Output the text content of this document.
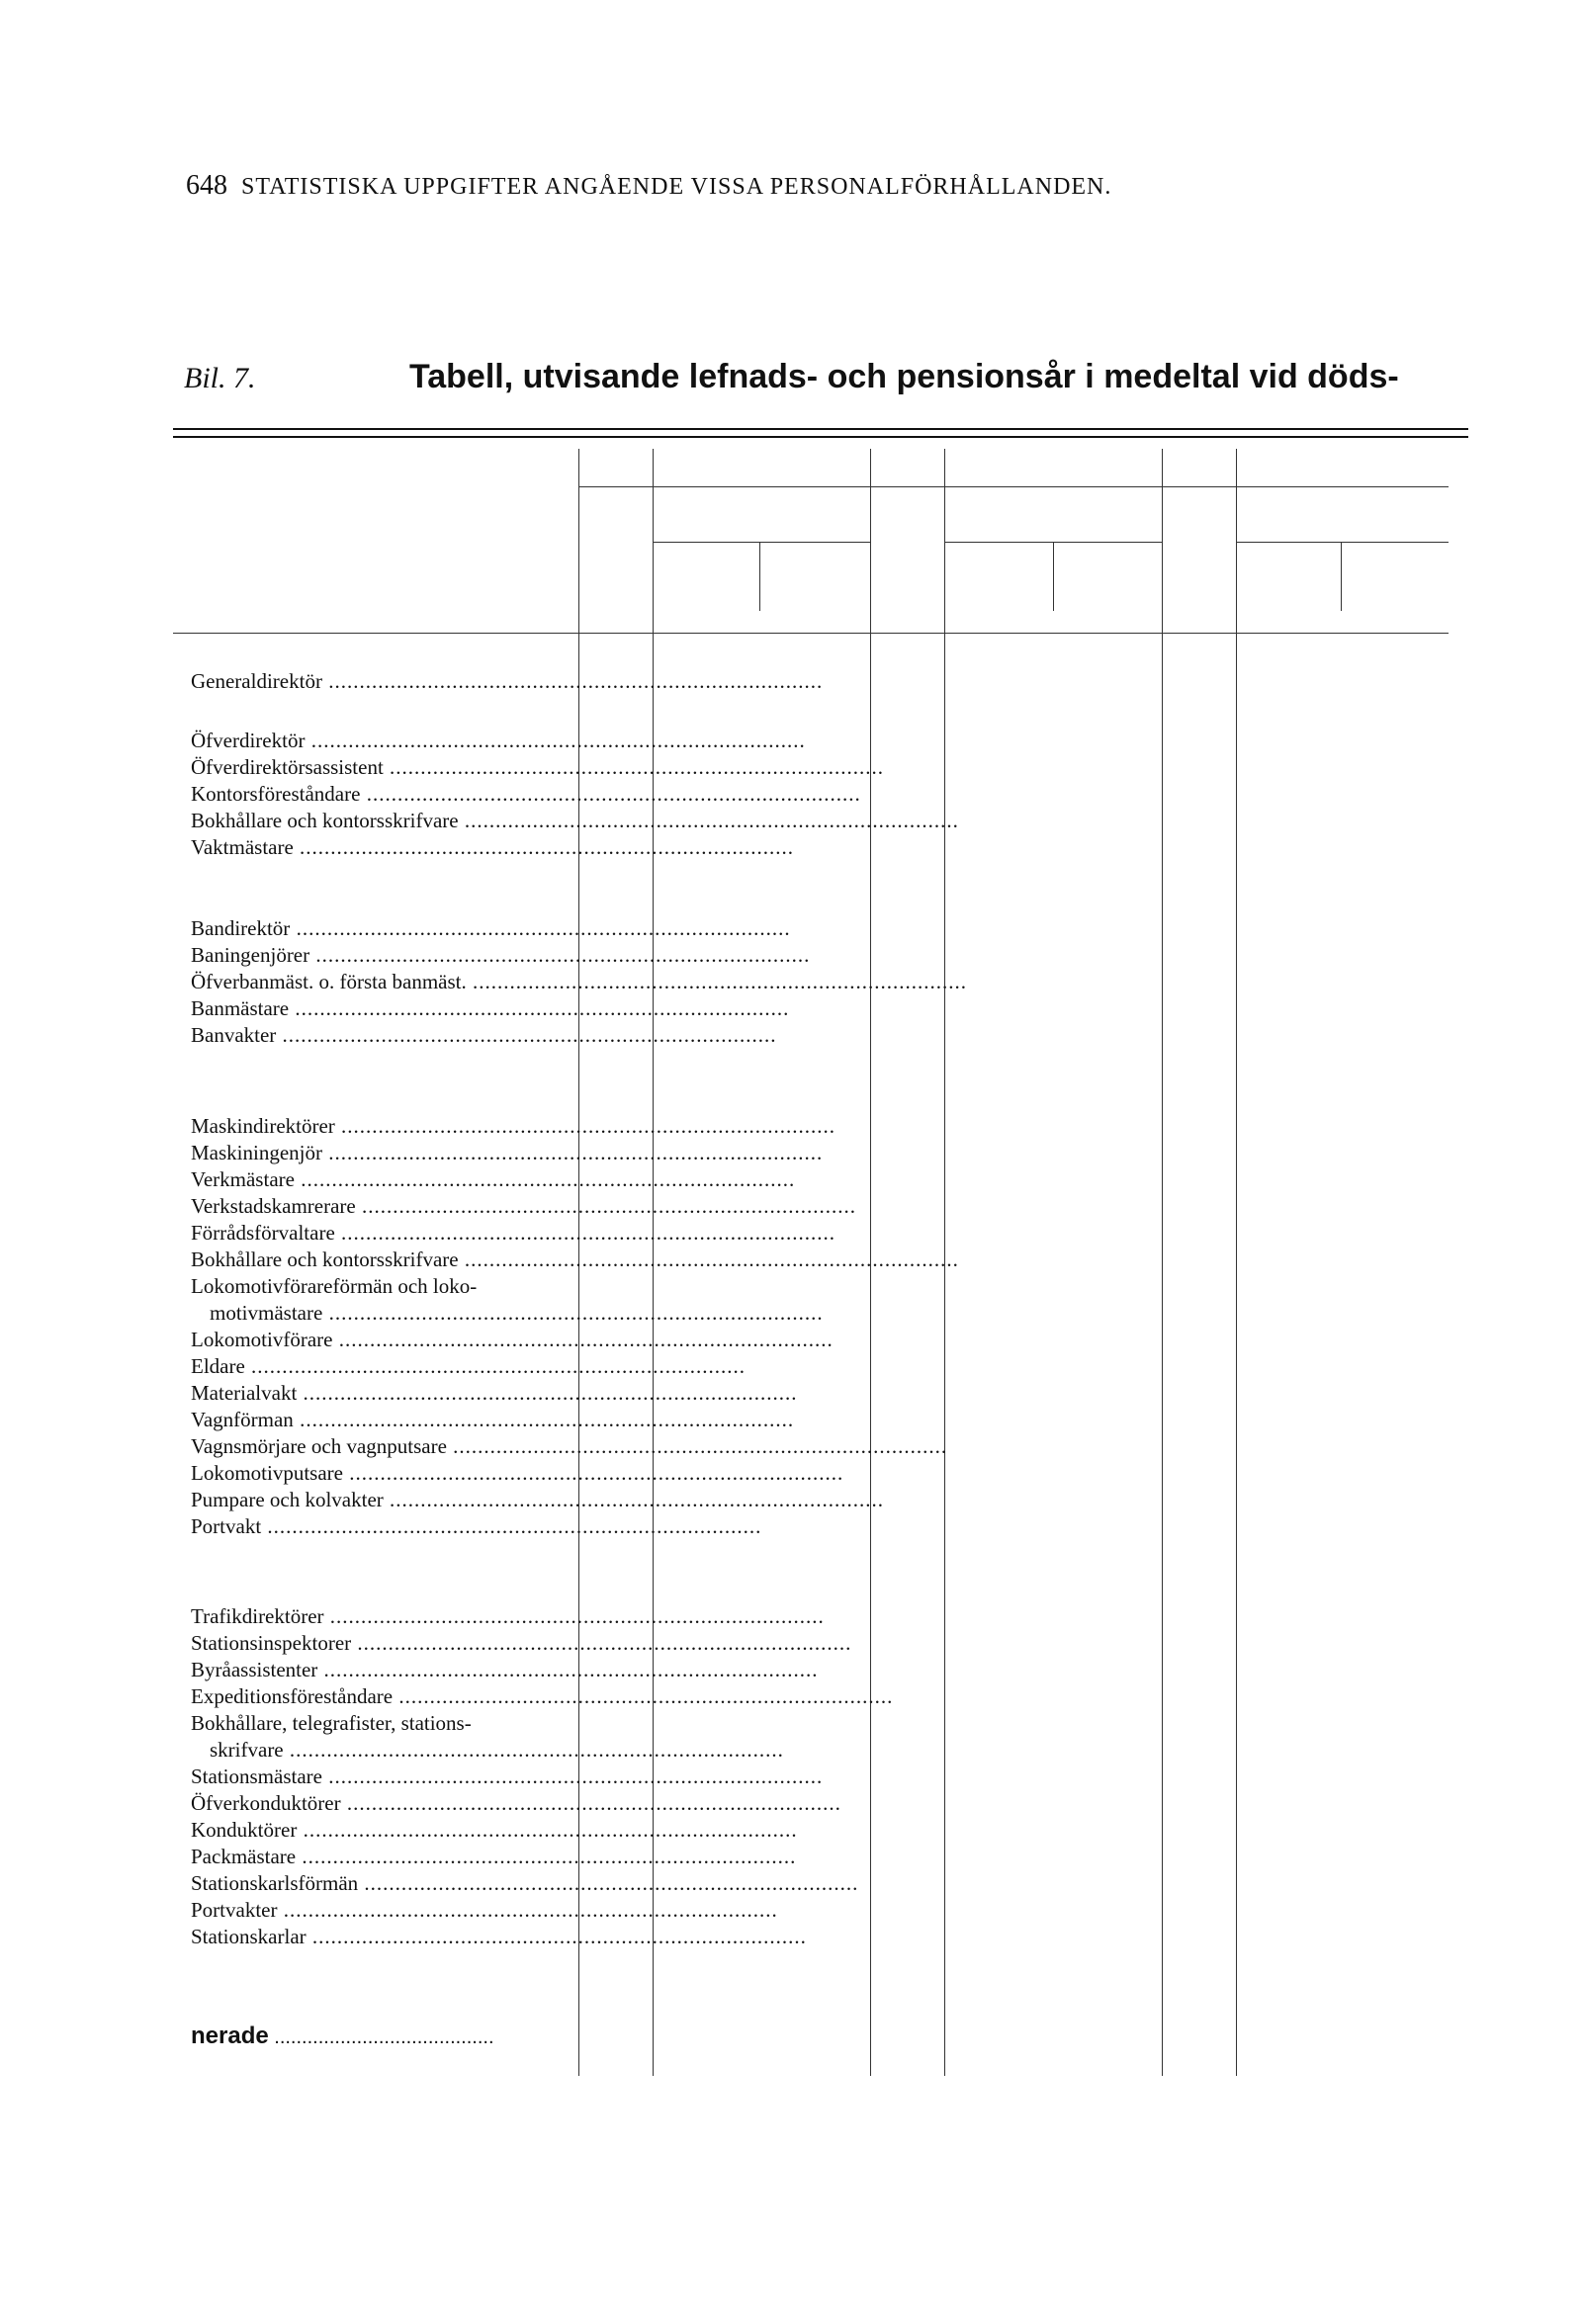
648 STATISTISKA UPPGIFTER ANGÅENDE VISSA PERSONALFÖRHÅLLANDEN.
Bil. 7.	Tabell, utvisande lefnads- och pensionsår i medeltal vid döds-
Generaldirektör ................................................................................
Öfverdirektör ................................................................................
Öfverdirektörsassistent ................................................................................
Kontorsföreståndare ................................................................................
Bokhållare och kontorsskrifvare ................................................................................
Vaktmästare ................................................................................
Bandirektör ................................................................................
Baningenjörer ................................................................................
Öfverbanmäst. o. första banmäst. ................................................................................
Banmästare ................................................................................
Banvakter ................................................................................
Maskindirektörer ................................................................................
Maskiningenjör ................................................................................
Verkmästare ................................................................................
Verkstadskamrerare ................................................................................
Förrådsförvaltare ................................................................................
Bokhållare och kontorsskrifvare ................................................................................
Lokomotivförareförmän och loko-
motivmästare ................................................................................
Lokomotivförare ................................................................................
Eldare ................................................................................
Materialvakt ................................................................................
Vagnförman ................................................................................
Vagnsmörjare och vagnputsare ................................................................................
Lokomotivputsare ................................................................................
Pumpare och kolvakter ................................................................................
Portvakt ................................................................................
Trafikdirektörer ................................................................................
Stationsinspektorer ................................................................................
Byråassistenter ................................................................................
Expeditionsföreståndare ................................................................................
Bokhållare, telegrafister, stations-
skrifvare ................................................................................
Stationsmästare ................................................................................
Öfverkonduktörer ................................................................................
Konduktörer ................................................................................
Packmästare ................................................................................
Stationskarlsförmän ................................................................................
Portvakter ................................................................................
Stationskarlar ................................................................................
nerade ........................................
